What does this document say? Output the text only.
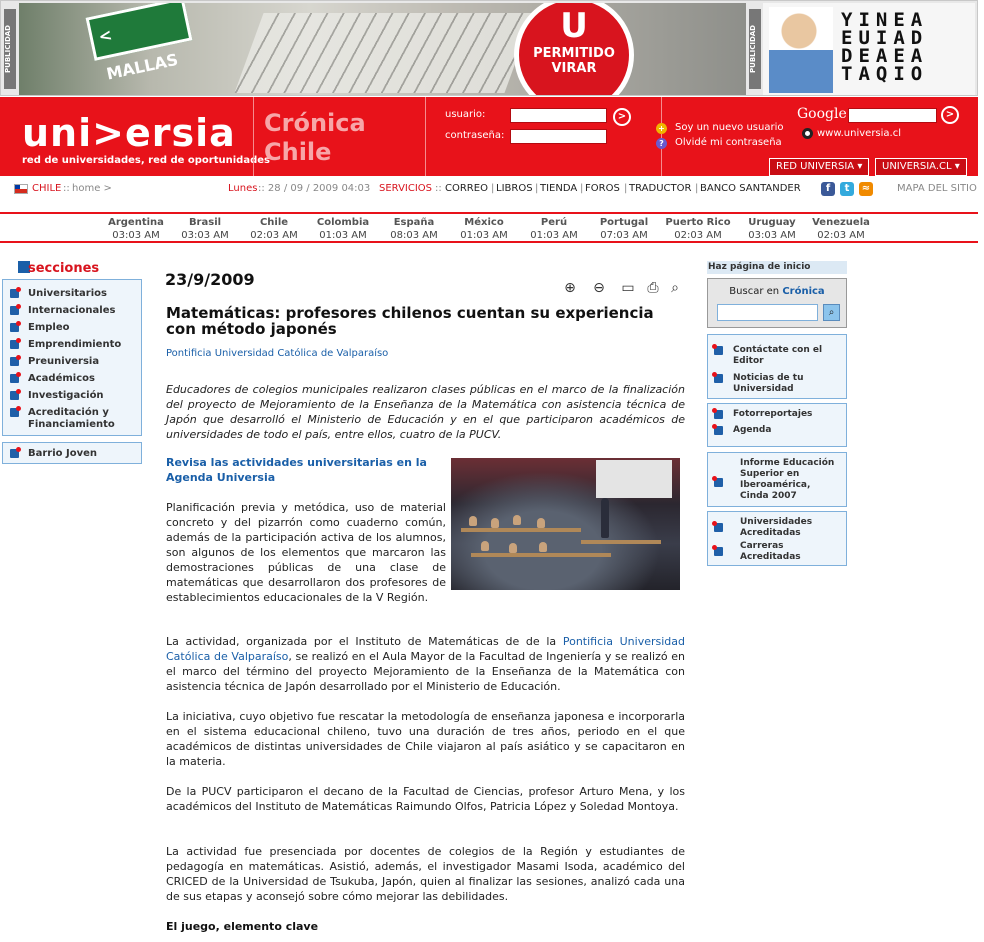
PUBLICIDAD	< MALLAS
U
PERMITIDO
VIRAR	PUBLICIDAD
YINEA
EUIAD
DEAEA
TAQIO
uni>ersia
red de universidades, red de oportunidades
Crónica
Chile
usuario:
contraseña:
>
+ Soy un nuevo usuario
?	Olvidé mi contraseña
Google	>
www.universia.cl
RED UNIVERSIA ▾	UNIVERSIA.CL ▾
CHILE :: home >	Lunes :: 28 / 09 / 2009 04:03 SERVICIOS :: CORREO | LIBROS | TIENDA | FOROS | TRADUCTOR | BANCO SANTANDER	f	t	≈	MAPA DEL SITIO
Argentina
03:03 AM
Brasil
03:03 AM
Chile
02:03 AM
Colombia
01:03 AM
España
08:03 AM
México
01:03 AM
Perú
01:03 AM
Portugal
07:03 AM
Puerto Rico
02:03 AM
Uruguay
03:03 AM
Venezuela
02:03 AM
secciones
Universitarios
Internacionales
Empleo
Emprendimiento
Preuniversia
Académicos
Investigación
Acreditación y Financiamiento
Barrio Joven
23/9/2009	⊕ ⊖ ▭ ⎙ ⌕
Matemáticas: profesores chilenos cuentan su experiencia con método japonés
Pontificia Universidad Católica de Valparaíso
Educadores de colegios municipales realizaron clases públicas en el marco de la finalización del proyecto de Mejoramiento de la Enseñanza de la Matemática con asistencia técnica de Japón que desarrolló el Ministerio de Educación y en el que participaron académicos de universidades de todo el país, entre ellos, cuatro de la PUCV.
Revisa las actividades universitarias en la Agenda Universia
Planificación previa y metódica, uso de material concreto y del pizarrón como cuaderno común, además de la participación activa de los alumnos, son algunos de los elementos que marcaron las demostraciones públicas de una clase de matemáticas que desarrollaron dos profesores de establecimientos educacionales de la V Región.
La actividad, organizada por el Instituto de Matemáticas de de la Pontificia Universidad Católica de Valparaíso, se realizó en el Aula Mayor de la Facultad de Ingeniería y se realizó en el marco del término del proyecto Mejoramiento de la Enseñanza de la Matemática con asistencia técnica de Japón desarrollado por el Ministerio de Educación.
La iniciativa, cuyo objetivo fue rescatar la metodología de enseñanza japonesa e incorporarla en el sistema educacional chileno, tuvo una duración de tres años, periodo en el que académicos de distintas universidades de Chile viajaron al país asiático y se capacitaron en la materia.
De la PUCV participaron el decano de la Facultad de Ciencias, profesor Arturo Mena, y los académicos del Instituto de Matemáticas Raimundo Olfos, Patricia López y Soledad Montoya.
La actividad fue presenciada por docentes de colegios de la Región y estudiantes de pedagogía en matemáticas. Asistió, además, el investigador Masami Isoda, académico del CRICED de la Universidad de Tsukuba, Japón, quien al finalizar las sesiones, analizó cada una de sus etapas y aconsejó sobre cómo mejorar las debilidades.
El juego, elemento clave
Haz página de inicio
Buscar en Crónica
⌕
Contáctate con el Editor
Noticias de tu Universidad
Fotorreportajes
Agenda
Informe Educación Superior en Iberoamérica, Cinda 2007
Universidades Acreditadas
Carreras Acreditadas
